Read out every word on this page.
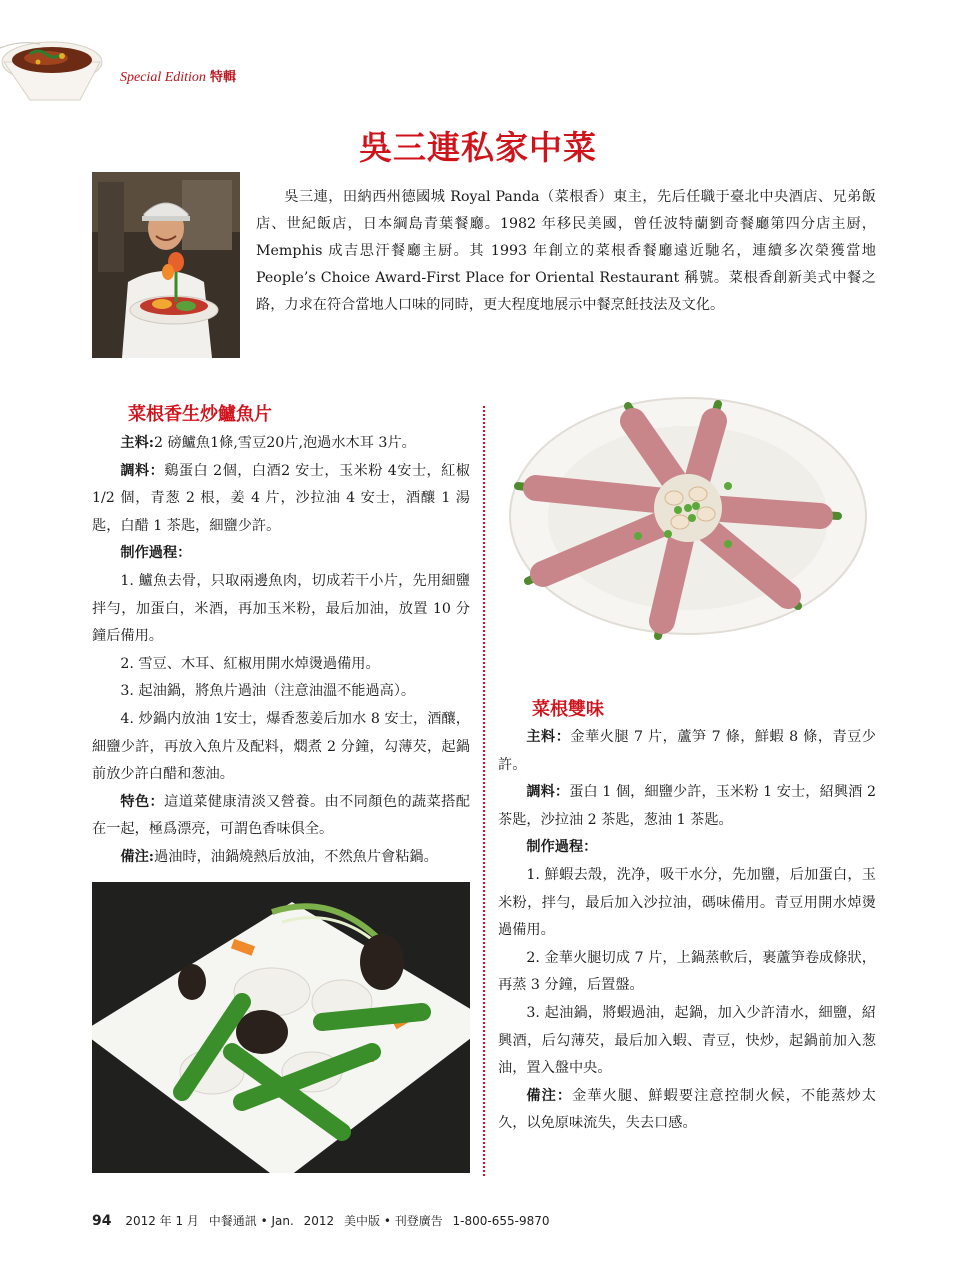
Special Edition 特輯
吳三連私家中菜
吳三連，田納西州德國城 Royal Panda（菜根香）東主，先后任職于臺北中央酒店、兄弟飯店、世紀飯店，日本綱島青葉餐廳。1982 年移民美國，曾任波特蘭劉奇餐廳第四分店主厨，Memphis 成吉思汗餐廳主厨。其 1993 年創立的菜根香餐廳遠近馳名，連續多次榮獲當地 People’s Choice Award-First Place for Oriental Restaurant 稱號。菜根香創新美式中餐之路，力求在符合當地人口味的同時，更大程度地展示中餐烹飪技法及文化。
菜根香生炒鱸魚片

主料:2 磅鱸魚1條,雪豆20片,泡過水木耳 3片。

調料：鷄蛋白 2個，白酒2 安士，玉米粉 4安士，紅椒 1/2 個，青葱 2 根，姜 4 片，沙拉油 4 安士，酒釀 1 湯匙，白醋 1 茶匙，細鹽少許。

制作過程：

1. 鱸魚去骨，只取兩邊魚肉，切成若干小片，先用細鹽拌勻，加蛋白，米酒，再加玉米粉，最后加油，放置 10 分鐘后備用。

2. 雪豆、木耳、紅椒用開水焯燙過備用。

3. 起油鍋，將魚片過油（注意油溫不能過高）。

4. 炒鍋内放油 1安士，爆香葱姜后加水 8 安士，酒釀，細鹽少許，再放入魚片及配料，燜煮 2 分鐘，勾薄芡，起鍋前放少許白醋和葱油。

特色：這道菜健康清淡又營養。由不同顏色的蔬菜搭配在一起，極爲漂亮，可謂色香味俱全。

備注:過油時，油鍋燒熱后放油，不然魚片會粘鍋。

菜根雙味

主料：金華火腿 7 片，蘆笋 7 條，鮮蝦 8 條，青豆少許。

調料：蛋白 1 個，細鹽少許，玉米粉 1 安士，紹興酒 2 茶匙，沙拉油 2 茶匙，葱油 1 茶匙。

制作過程：

1. 鮮蝦去殼，洗净，吸干水分，先加鹽，后加蛋白，玉米粉，拌勻，最后加入沙拉油，碼味備用。青豆用開水焯燙過備用。

2. 金華火腿切成 7 片，上鍋蒸軟后，裹蘆笋卷成條狀，再蒸 3 分鐘，后置盤。

3. 起油鍋，將蝦過油，起鍋，加入少許清水，細鹽，紹興酒，后勾薄芡，最后加入蝦、青豆，快炒，起鍋前加入葱油，置入盤中央。

備注：金華火腿、鮮蝦要注意控制火候，不能蒸炒太久，以免原味流失，失去口感。

94 2012 年 1 月 中餐通訊 • Jan. 2012 美中版 • 刊登廣告 1-800-655-9870
